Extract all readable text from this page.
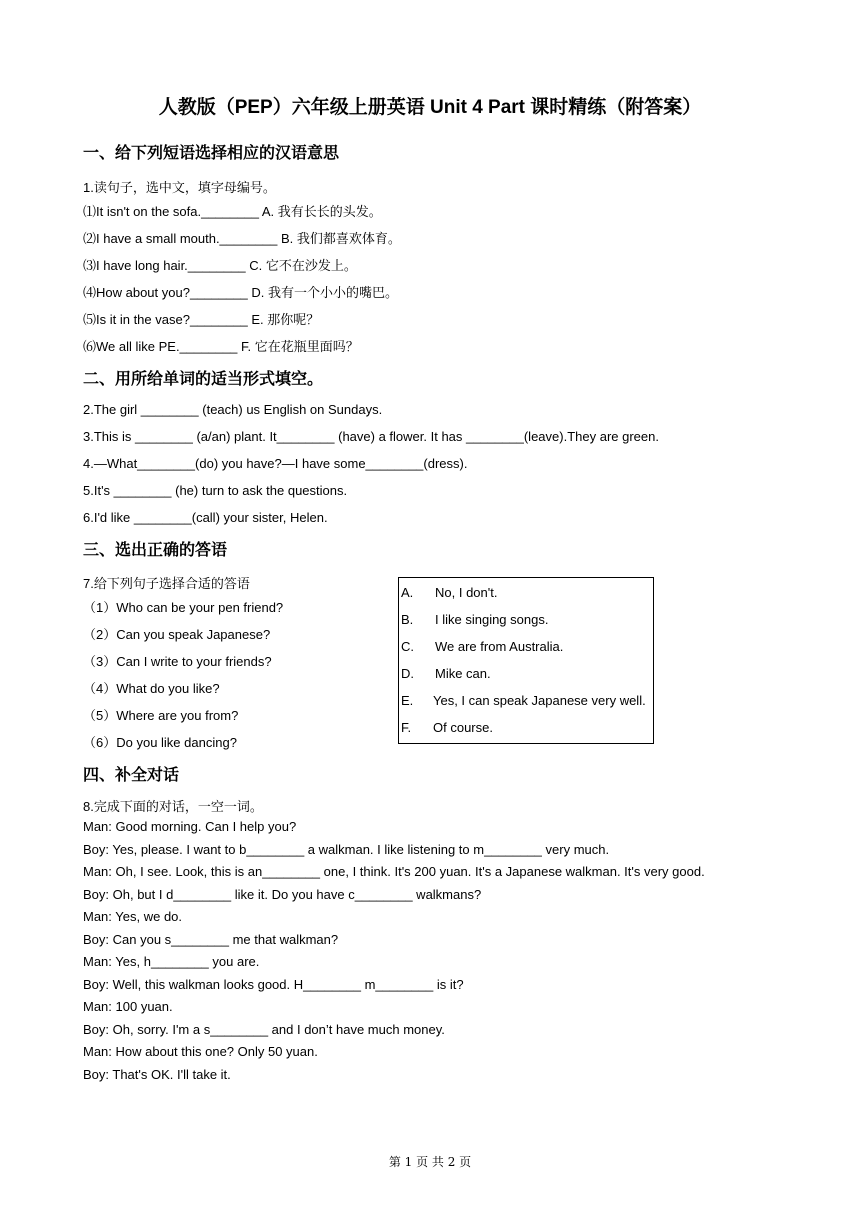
人教版（PEP）六年级上册英语 Unit 4 Part 课时精练（附答案）
一、给下列短语选择相应的汉语意思
1.读句子，选中文，填字母编号。
⑴It isn't on the sofa.________ A. 我有长长的头发。
⑵I have a small mouth.________ B. 我们都喜欢体育。
⑶I have long hair.________ C. 它不在沙发上。
⑷How about you?________ D. 我有一个小小的嘴巴。
⑸Is it in the vase?________ E. 那你呢？
⑹We all like PE.________ F. 它在花瓶里面吗？
二、用所给单词的适当形式填空。
2.The girl ________ (teach) us English on Sundays.
3.This is ________ (a/an) plant. It________ (have) a flower. It has ________(leave).They are green.
4.—What________(do) you have?—I have some________(dress).
5.It's ________ (he) turn to ask the questions.
6.I'd like ________(call) your sister, Helen.
三、选出正确的答语
7.给下列句子选择合适的答语
（1）Who can be your pen friend?
（2）Can you speak Japanese?
（3）Can I write to your friends?
（4）What do you like?
（5）Where are you from?
（6）Do you like dancing?
A. No, I don't.
B. I like singing songs.
C. We are from Australia.
D. Mike can.
E. Yes, I can speak Japanese very well.
F. Of course.
四、补全对话
8.完成下面的对话，一空一词。
Man: Good morning. Can I help you?
Boy: Yes, please. I want to b________ a walkman. I like listening to m________ very much.
Man: Oh, I see. Look, this is an________ one, I think. It's 200 yuan. It's a Japanese walkman. It's very good.
Boy: Oh, but I d________ like it. Do you have c________ walkmans?
Man: Yes, we do.
Boy: Can you s________ me that walkman?
Man: Yes, h________ you are.
Boy: Well, this walkman looks good. H________ m________ is it?
Man: 100 yuan.
Boy: Oh, sorry. I'm a s________ and I don’t have much money.
Man: How about this one? Only 50 yuan.
Boy: That's OK. I'll take it.
第 1 页 共 2 页
